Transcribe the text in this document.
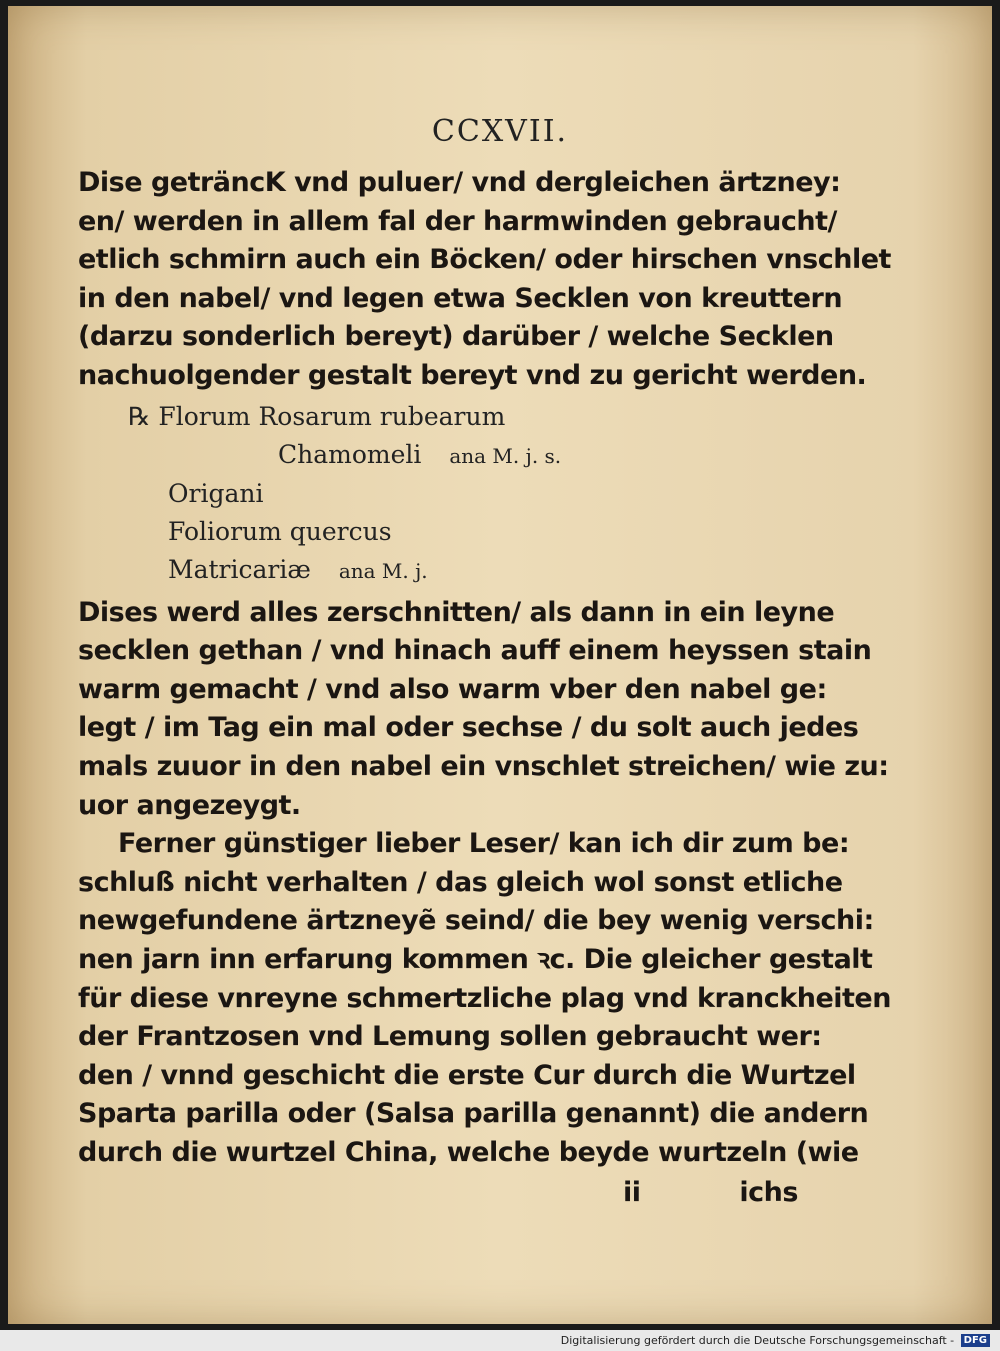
CCXVII.
Dise geträncK vnd puluer/ vnd dergleichen ärtzney:
en/ werden in allem fal der harmwinden gebraucht/
etlich schmirn auch ein Böcken/ oder hirschen vnschlet
in den nabel/ vnd legen etwa Secklen von kreuttern
(darzu sonderlich bereyt) darüber / welche Secklen
nachuolgender gestalt bereyt vnd zu gericht werden.
℞ Florum Rosarum rubearum
Chamomeli ana M. j. s.
Origani
Foliorum quercus
Matricariæ ana M. j.
Dises werd alles zerschnitten/ als dann in ein leyne
secklen gethan / vnd hinach auff einem heyssen stain
warm gemacht / vnd also warm vber den nabel ge:
legt / im Tag ein mal oder sechse / du solt auch jedes
mals zuuor in den nabel ein vnschlet streichen/ wie zu:
uor angezeygt.
Ferner günstiger lieber Leser/ kan ich dir zum be:
schluß nicht verhalten / das gleich wol sonst etliche
newgefundene ärtzneyẽ seind/ die bey wenig verschi:
nen jarn inn erfarung kommen ꝛc. Die gleicher gestalt
für diese vnreyne schmertzliche plag vnd kranckheiten
der Frantzosen vnd Lemung sollen gebraucht wer:
den / vnnd geschicht die erste Cur durch die Wurtzel
Sparta parilla oder (Salsa parilla genannt) die andern
durch die wurtzel China, welche beyde wurtzeln (wie
ii	ichs
Digitalisierung gefördert durch die Deutsche Forschungsgemeinschaft - DFG
